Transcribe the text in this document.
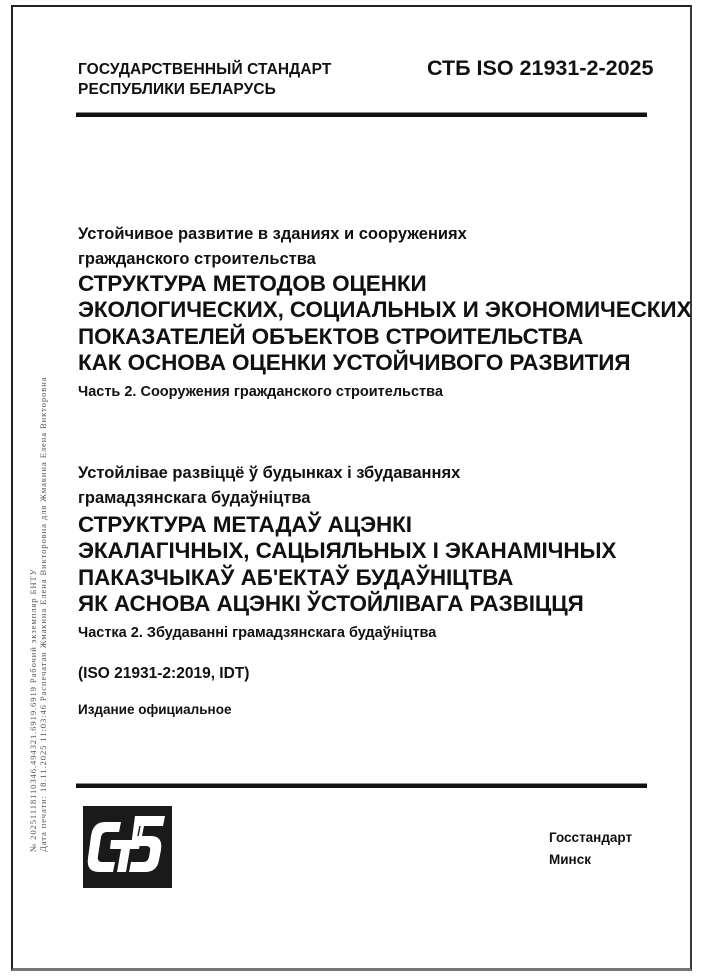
ГОСУДАРСТВЕННЫЙ СТАНДАРТ
РЕСПУБЛИКИ БЕЛАРУСЬ
СТБ ISO 21931-2-2025
Устойчивое развитие в зданиях и сооружениях
гражданского строительства
СТРУКТУРА МЕТОДОВ ОЦЕНКИ
ЭКОЛОГИЧЕСКИХ, СОЦИАЛЬНЫХ И ЭКОНОМИЧЕСКИХ
ПОКАЗАТЕЛЕЙ ОБЪЕКТОВ СТРОИТЕЛЬСТВА
КАК ОСНОВА ОЦЕНКИ УСТОЙЧИВОГО РАЗВИТИЯ
Часть 2. Сооружения гражданского строительства
Устойлівае развіццё ў будынках і збудаваннях
грамадзянскага будаўніцтва
СТРУКТУРА МЕТАДАЎ АЦЭНКІ
ЭКАЛАГІЧНЫХ, САЦЫЯЛЬНЫХ І ЭКАНАМІЧНЫХ
ПАКАЗЧЫКАЎ АБ'ЕКТАЎ БУДАЎНІЦТВА
ЯК АСНОВА АЦЭНКІ ЎСТОЙЛІВАГА РАЗВІЦЦЯ
Частка 2. Збудаванні грамадзянскага будаўніцтва
(ISO 21931-2:2019, IDT)
Издание официальное
Госстандарт
Минск
№ 20251118110346.494321.6919.6919 Рабочий экземпляр БНТУ Дата печати: 18.11.2025 11:03:46 Распечатан Жмакина Елена Викторовна для Жмакина Елена Викторовна
